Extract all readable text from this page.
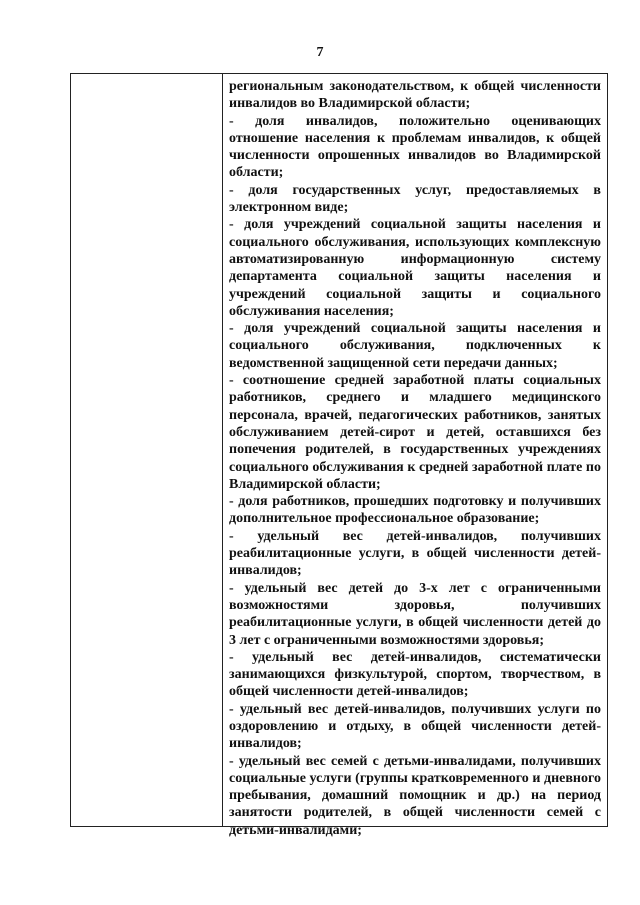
7

региональным законодательством, к общей численности инвалидов во Владимирской области;

- доля инвалидов, положительно оценивающих отношение населения к проблемам инвалидов, к общей численности опрошенных инвалидов во Владимирской области;

- доля государственных услуг, предоставляемых в электронном виде;

- доля учреждений социальной защиты населения и социального обслуживания, использующих комплексную автоматизированную информационную систему департамента социальной защиты населения и учреждений социальной защиты и социального обслуживания населения;

- доля учреждений социальной защиты населения и социального обслуживания, подключенных к ведомственной защищенной сети передачи данных;

- соотношение средней заработной платы социальных работников, среднего и младшего медицинского персонала, врачей, педагогических работников, занятых обслуживанием детей-сирот и детей, оставшихся без попечения родителей, в государственных учреждениях социального обслуживания к средней заработной плате по Владимирской области;

- доля работников, прошедших подготовку и получивших дополнительное профессиональное образование;

- удельный вес детей-инвалидов, получивших реабилитационные услуги, в общей численности детей-инвалидов;

- удельный вес детей до 3-х лет с ограниченными возможностями здоровья, получивших реабилитационные услуги, в общей численности детей до 3 лет с ограниченными возможностями здоровья;

- удельный вес детей-инвалидов, систематически занимающихся физкультурой, спортом, творчеством, в общей численности детей-инвалидов;

- удельный вес детей-инвалидов, получивших услуги по оздоровлению и отдыху, в общей численности детей-инвалидов;

- удельный вес семей с детьми-инвалидами, получивших социальные услуги (группы кратковременного и дневного пребывания, домашний помощник и др.) на период занятости родителей, в общей численности семей с детьми-инвалидами;
